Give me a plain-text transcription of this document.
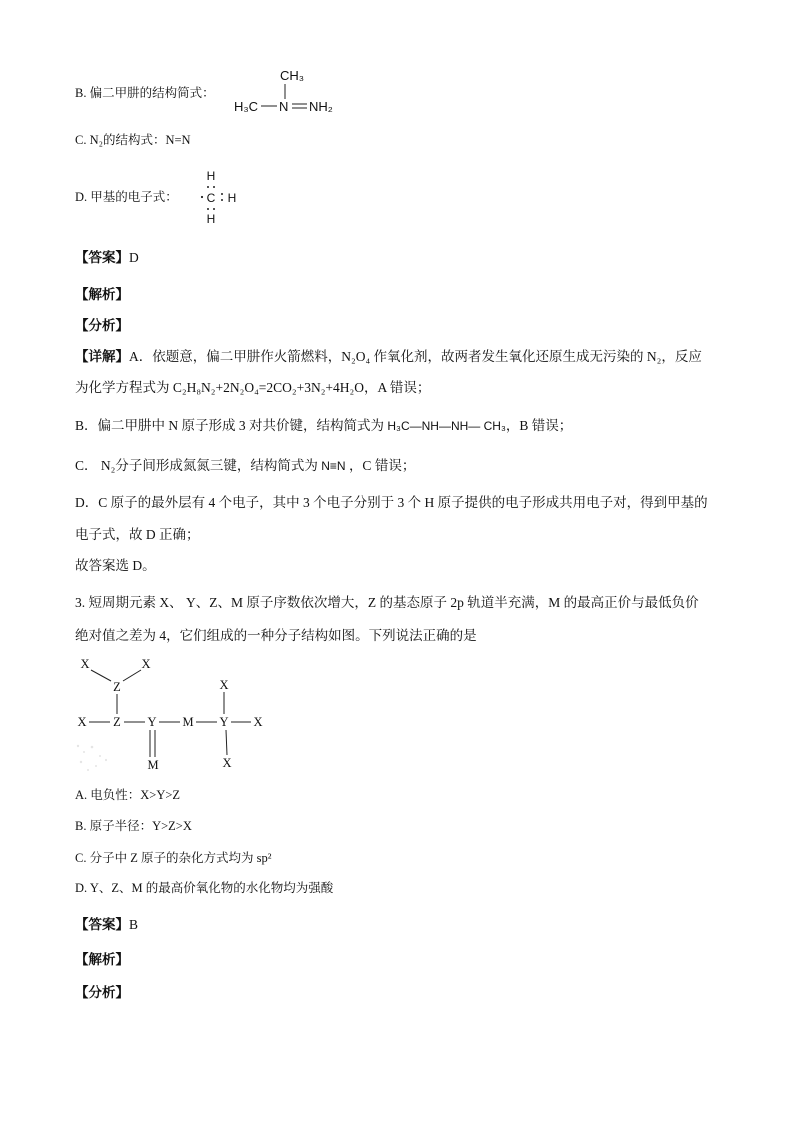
B. 偏二甲肼的结构简式：
CH₃
H₃C N NH₂
C. N₂的结构式：N=N
D. 甲基的电子式：
H
C H
H
【答案】D
【解析】
【分析】
【详解】A．依题意，偏二甲肼作火箭燃料，N₂O₄ 作氧化剂，故两者发生氧化还原生成无污染的 N₂，反应
为化学方程式为 C₂H₈N₂+2N₂O₄=2CO₂+3N₂+4H₂O，A 错误；
B．偏二甲肼中 N 原子形成 3 对共价键，结构简式为 H₃C—NH—NH— CH₃，B 错误；
C． N₂分子间形成氮氮三键，结构简式为 N≡N ，C 错误；
D．C 原子的最外层有 4 个电子，其中 3 个电子分别于 3 个 H 原子提供的电子形成共用电子对，得到甲基的
电子式，故 D 正确；
故答案选 D。
3. 短周期元素 X、 Y、Z、M 原子序数依次增大，Z 的基态原子 2p 轨道半充满，M 的最高正价与最低负价
绝对值之差为 4，它们组成的一种分子结构如图。下列说法正确的是
X	X
Z
X Z Y M Y X
X
X
M
A. 电负性：X>Y>Z
B. 原子半径：Y>Z>X
C. 分子中 Z 原子的杂化方式均为 sp²
D. Y、Z、M 的最高价氧化物的水化物均为强酸
【答案】B
【解析】
【分析】
